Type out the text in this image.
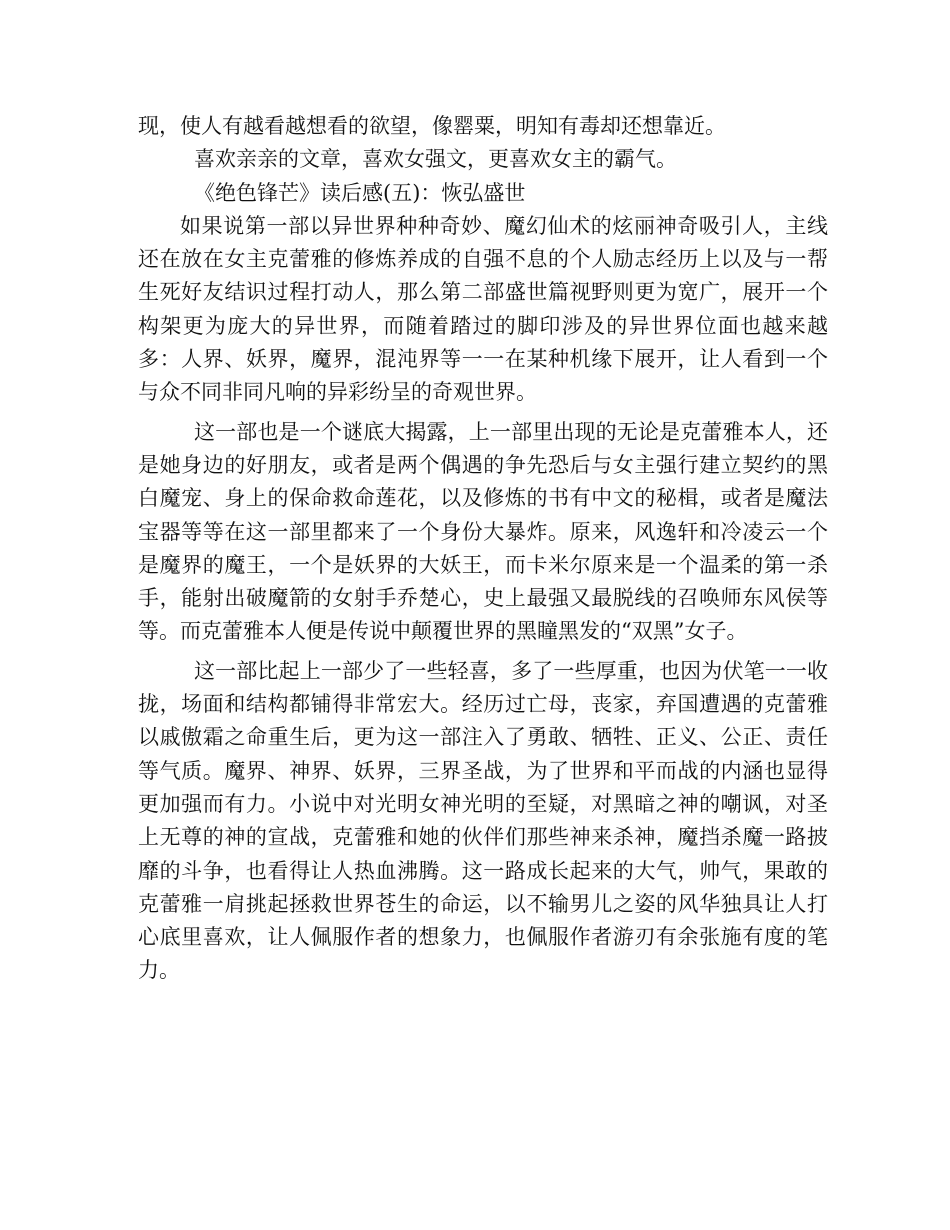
现，使人有越看越想看的欲望，像罂粟，明知有毒却还想靠近。

喜欢亲亲的文章，喜欢女强文，更喜欢女主的霸气。

《绝色锋芒》读后感(五)：恢弘盛世

如果说第一部以异世界种种奇妙、魔幻仙术的炫丽神奇吸引人，主线还在放在女主克蕾雅的修炼养成的自强不息的个人励志经历上以及与一帮生死好友结识过程打动人，那么第二部盛世篇视野则更为宽广，展开一个构架更为庞大的异世界，而随着踏过的脚印涉及的异世界位面也越来越多：人界、妖界，魔界，混沌界等一一在某种机缘下展开，让人看到一个与众不同非同凡响的异彩纷呈的奇观世界。

这一部也是一个谜底大揭露，上一部里出现的无论是克蕾雅本人，还是她身边的好朋友，或者是两个偶遇的争先恐后与女主强行建立契约的黑白魔宠、身上的保命救命莲花，以及修炼的书有中文的秘楫，或者是魔法宝器等等在这一部里都来了一个身份大暴炸。原来，风逸轩和冷凌云一个是魔界的魔王，一个是妖界的大妖王，而卡米尔原来是一个温柔的第一杀手，能射出破魔箭的女射手乔楚心，史上最强又最脱线的召唤师东风侯等等。而克蕾雅本人便是传说中颠覆世界的黑瞳黑发的“双黑”女子。

这一部比起上一部少了一些轻喜，多了一些厚重，也因为伏笔一一收拢，场面和结构都铺得非常宏大。经历过亡母，丧家，弃国遭遇的克蕾雅以戚傲霜之命重生后，更为这一部注入了勇敢、牺牲、正义、公正、责任等气质。魔界、神界、妖界，三界圣战，为了世界和平而战的内涵也显得更加强而有力。小说中对光明女神光明的至疑，对黑暗之神的嘲讽，对圣上无尊的神的宣战，克蕾雅和她的伙伴们那些神来杀神，魔挡杀魔一路披靡的斗争，也看得让人热血沸腾。这一路成长起来的大气，帅气，果敢的克蕾雅一肩挑起拯救世界苍生的命运，以不输男儿之姿的风华独具让人打心底里喜欢，让人佩服作者的想象力，也佩服作者游刃有余张施有度的笔力。
